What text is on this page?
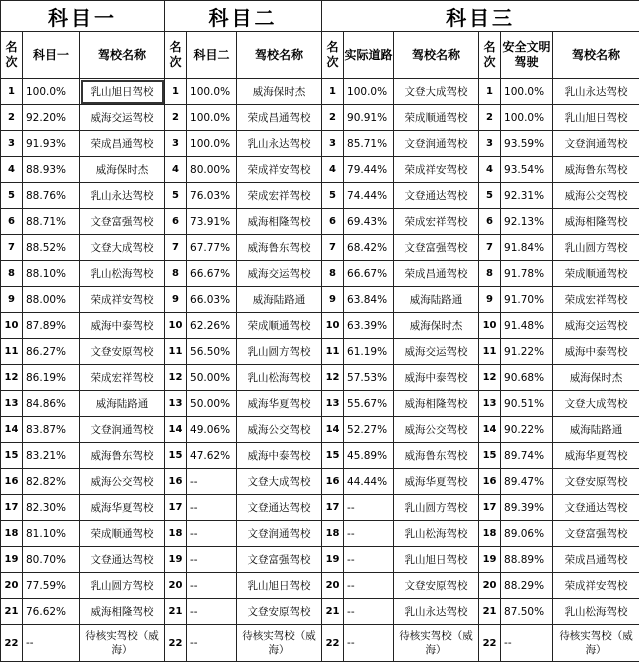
科目一			科目二			科目三					
名次	科目一	驾校名称	名次	科目二	驾校名称	名次	实际道路	驾校名称	名次	安全文明驾驶	驾校名称
1	100.0%	乳山旭日驾校	1	100.0%	威海保时杰	1	100.0%	文登大成驾校	1	100.0%	乳山永达驾校
2	92.20%	威海交运驾校	2	100.0%	荣成昌通驾校	2	90.91%	荣成顺通驾校	2	100.0%	乳山旭日驾校
3	91.93%	荣成昌通驾校	3	100.0%	乳山永达驾校	3	85.71%	文登润通驾校	3	93.59%	文登润通驾校
4	88.93%	威海保时杰	4	80.00%	荣成祥安驾校	4	79.44%	荣成祥安驾校	4	93.54%	威海鲁东驾校
5	88.76%	乳山永达驾校	5	76.03%	荣成宏祥驾校	5	74.44%	文登通达驾校	5	92.31%	威海公交驾校
6	88.71%	文登富强驾校	6	73.91%	威海相隆驾校	6	69.43%	荣成宏祥驾校	6	92.13%	威海相隆驾校
7	88.52%	文登大成驾校	7	67.77%	威海鲁东驾校	7	68.42%	文登富强驾校	7	91.84%	乳山圆方驾校
8	88.10%	乳山松海驾校	8	66.67%	威海交运驾校	8	66.67%	荣成昌通驾校	8	91.78%	荣成顺通驾校
9	88.00%	荣成祥安驾校	9	66.03%	威海陆路通	9	63.84%	威海陆路通	9	91.70%	荣成宏祥驾校
10	87.89%	威海中泰驾校	10	62.26%	荣成顺通驾校	10	63.39%	威海保时杰	10	91.48%	威海交运驾校
11	86.27%	文登安原驾校	11	56.50%	乳山圆方驾校	11	61.19%	威海交运驾校	11	91.22%	威海中泰驾校
12	86.19%	荣成宏祥驾校	12	50.00%	乳山松海驾校	12	57.53%	威海中泰驾校	12	90.68%	威海保时杰
13	84.86%	威海陆路通	13	50.00%	威海华夏驾校	13	55.67%	威海相隆驾校	13	90.51%	文登大成驾校
14	83.87%	文登润通驾校	14	49.06%	威海公交驾校	14	52.27%	威海公交驾校	14	90.22%	威海陆路通
15	83.21%	威海鲁东驾校	15	47.62%	威海中泰驾校	15	45.89%	威海鲁东驾校	15	89.74%	威海华夏驾校
16	82.82%	威海公交驾校	16	--	文登大成驾校	16	44.44%	威海华夏驾校	16	89.47%	文登安原驾校
17	82.30%	威海华夏驾校	17	--	文登通达驾校	17	--	乳山圆方驾校	17	89.39%	文登通达驾校
18	81.10%	荣成顺通驾校	18	--	文登润通驾校	18	--	乳山松海驾校	18	89.06%	文登富强驾校
19	80.70%	文登通达驾校	19	--	文登富强驾校	19	--	乳山旭日驾校	19	88.89%	荣成昌通驾校
20	77.59%	乳山圆方驾校	20	--	乳山旭日驾校	20	--	文登安原驾校	20	88.29%	荣成祥安驾校
21	76.62%	威海相隆驾校	21	--	文登安原驾校	21	--	乳山永达驾校	21	87.50%	乳山松海驾校
22	--	待核实驾校（威海）	22	--	待核实驾校（威海）	22	--	待核实驾校（威海）	22	--	待核实驾校（威海）
